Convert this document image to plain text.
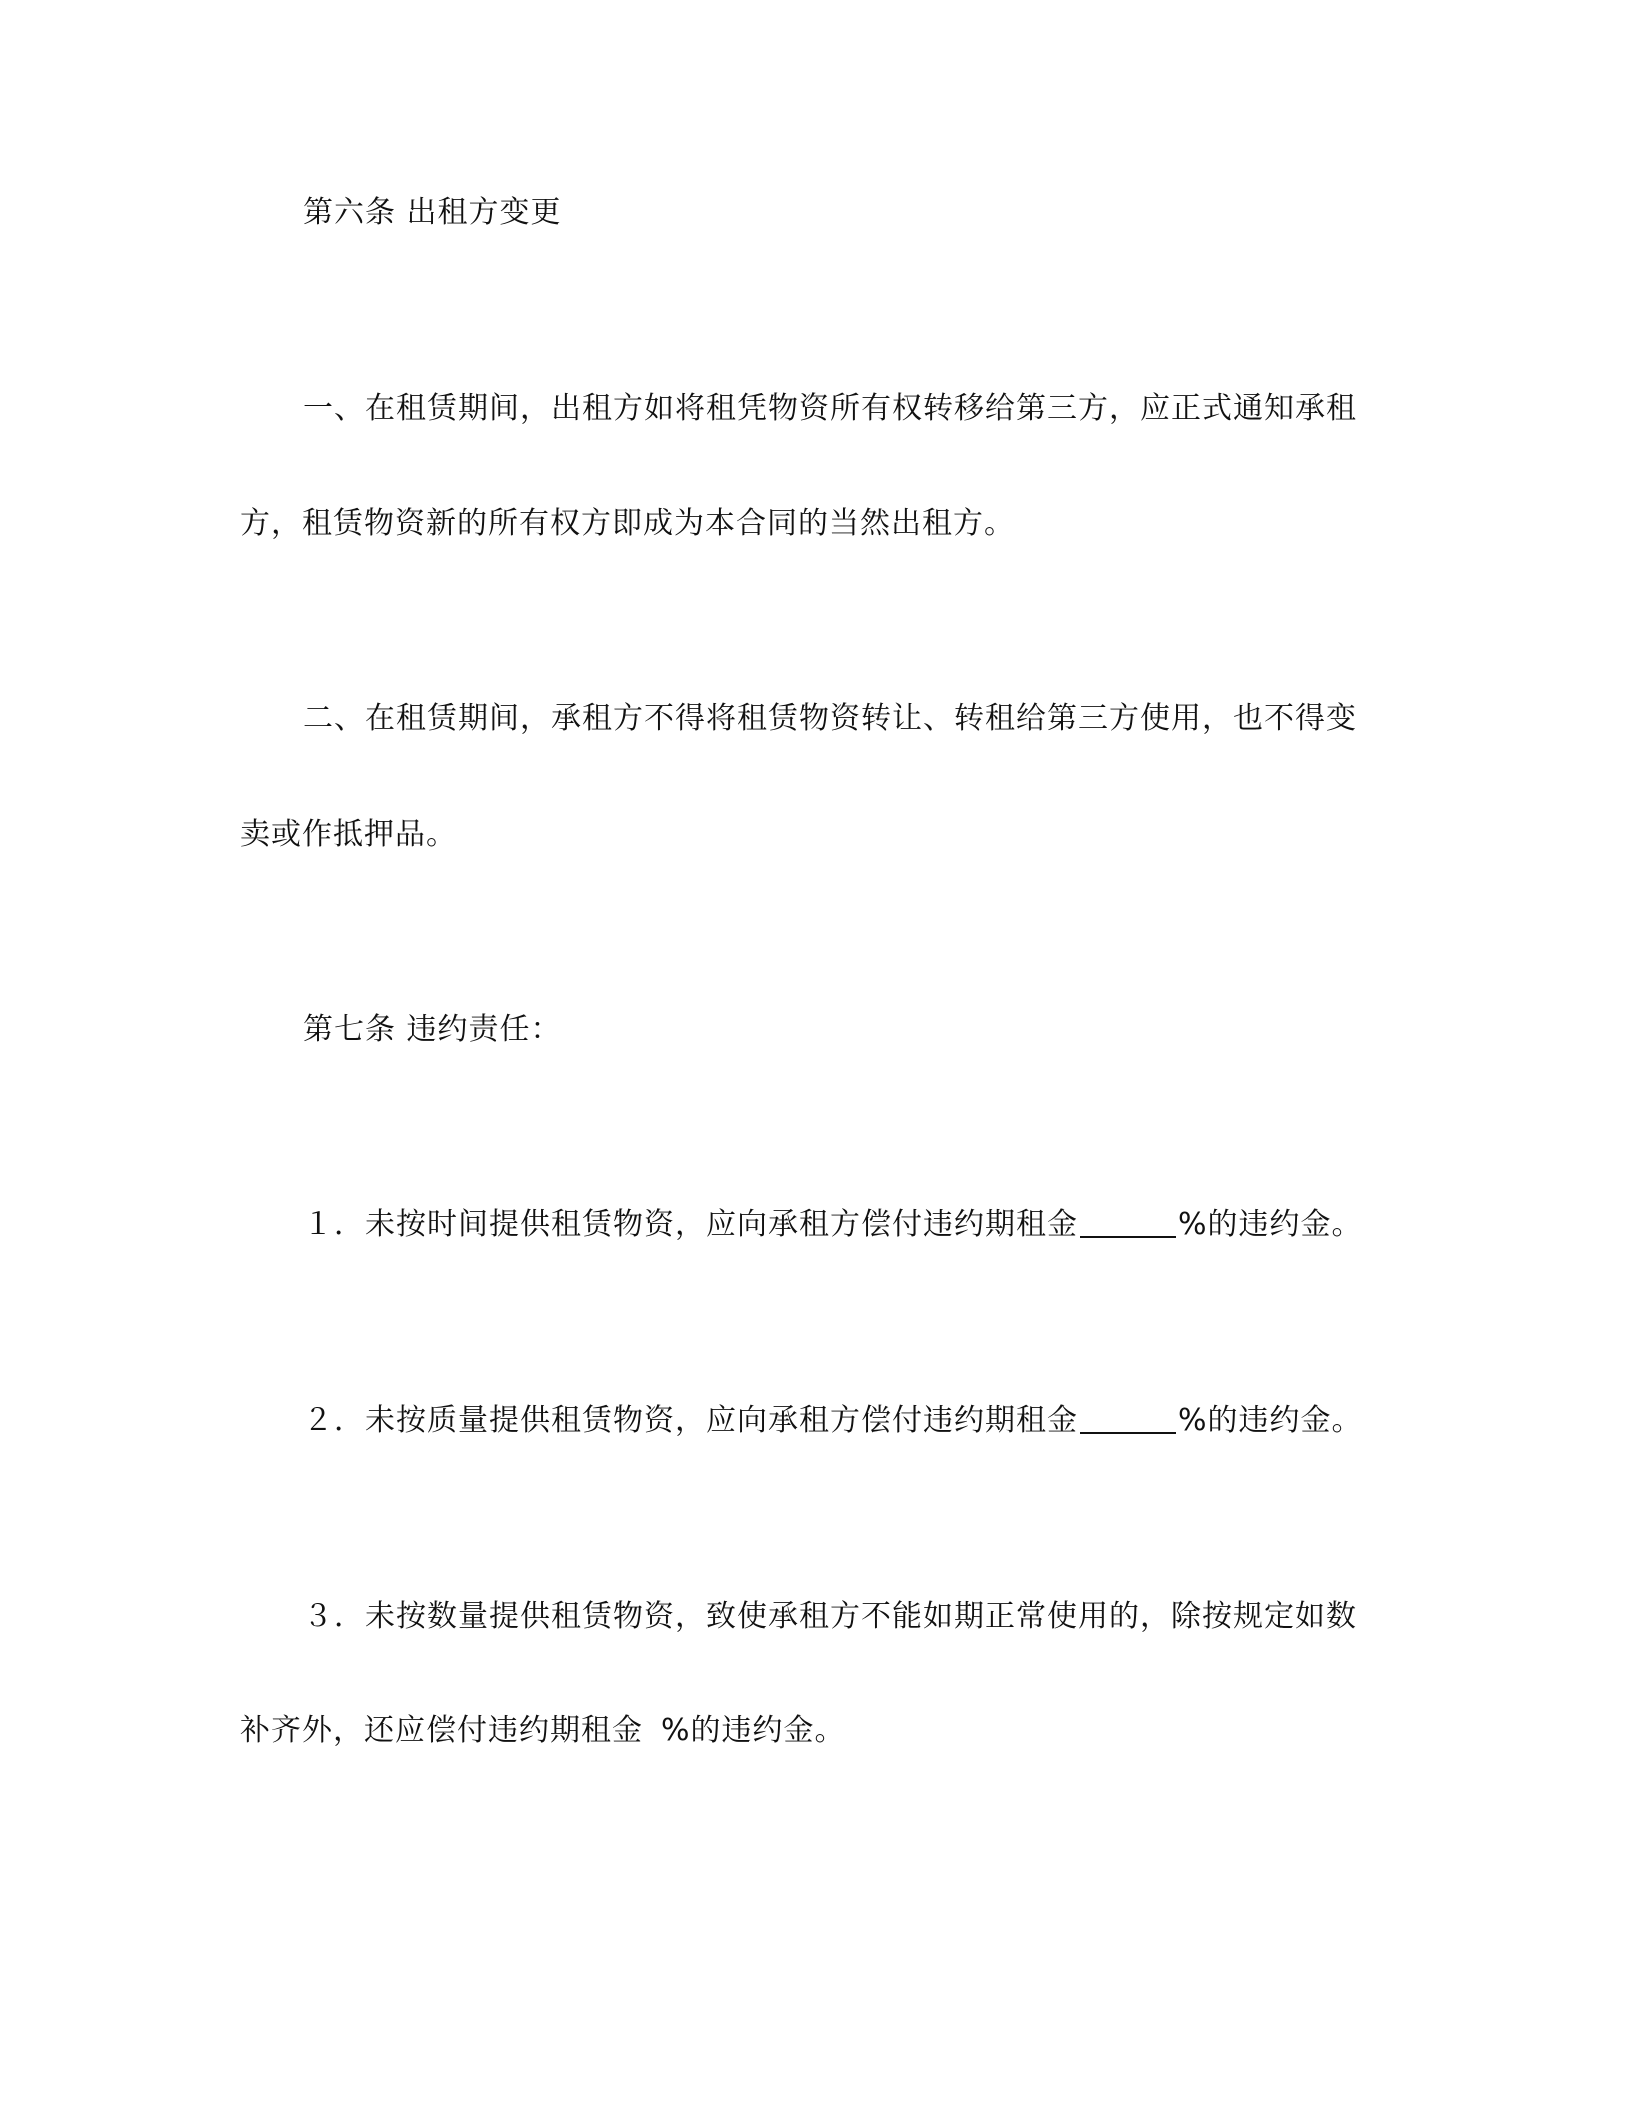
第六条 出租方变更
一、在租赁期间，出租方如将租凭物资所有权转移给第三方，应正式通知承租
方，租赁物资新的所有权方即成为本合同的当然出租方。
二、在租赁期间，承租方不得将租赁物资转让、转租给第三方使用，也不得变
卖或作抵押品。
第七条 违约责任：
１．未按时间提供租赁物资，应向承租方偿付违约期租金	%的违约金。
２．未按质量提供租赁物资，应向承租方偿付违约期租金	%的违约金。
３．未按数量提供租赁物资，致使承租方不能如期正常使用的，除按规定如数
补齐外，还应偿付违约期租金 %的违约金。
